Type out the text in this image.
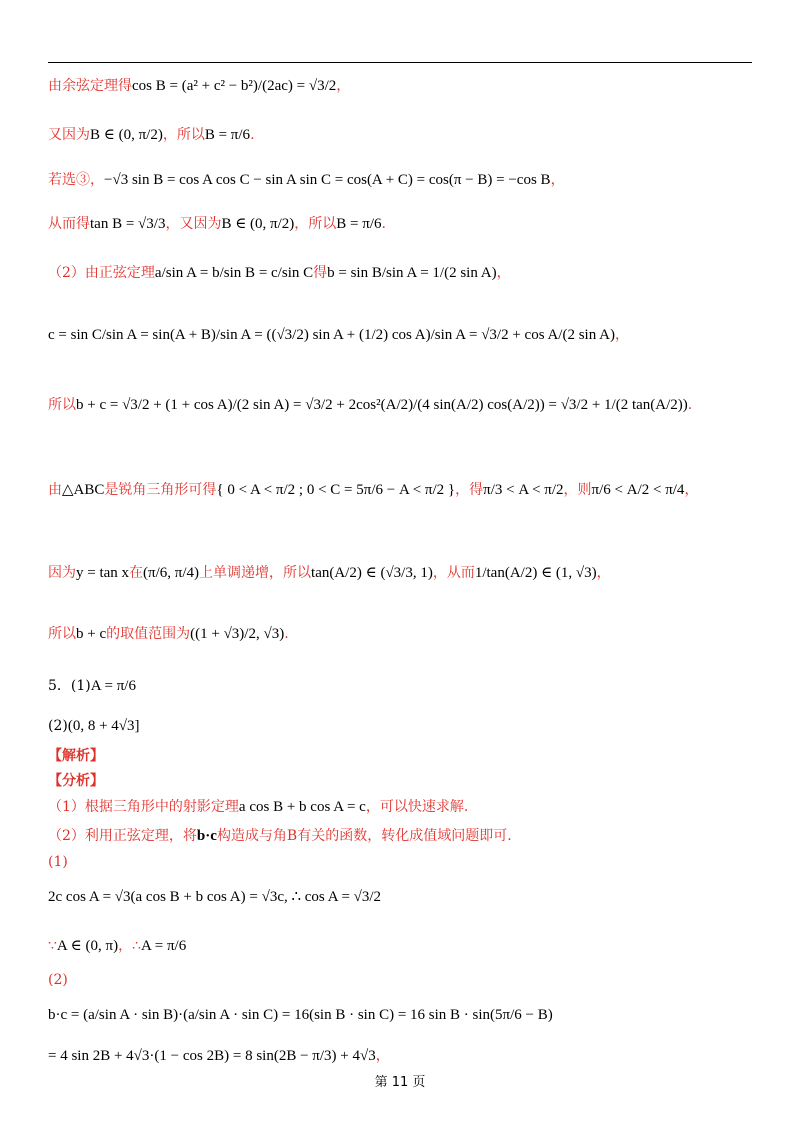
由余弦定理得 cos B = (a² + c² − b²)/(2ac) = √3/2 ，
又因为 B ∈ (0, π/2) ，所以 B = π/6 .
若选③， −√3 sin B = cos A cos C − sin A sin C = cos(A + C) = cos(π − B) = −cos B ，
从而得 tan B = √3/3 ，又因为 B ∈ (0, π/2) ，所以 B = π/6 .
（2）由正弦定理 a/sin A = b/sin B = c/sin C 得 b = sin B/sin A = 1/(2 sin A) ，
c = sin C/sin A = sin(A + B)/sin A = ((√3/2) sin A + (1/2) cos A)/sin A = √3/2 + cos A/(2 sin A) ，
所以 b + c = √3/2 + (1 + cos A)/(2 sin A) = √3/2 + 2cos²(A/2)/(4 sin(A/2) cos(A/2)) = √3/2 + 1/(2 tan(A/2)) .
由 △ABC 是锐角三角形可得 { 0 < A < π/2 ; 0 < C = 5π/6 − A < π/2 } ，得 π/3 < A < π/2 ，则 π/6 < A/2 < π/4 ，
因为 y = tan x 在 (π/6, π/4) 上单调递增，所以 tan(A/2) ∈ (√3/3, 1) ，从而 1/tan(A/2) ∈ (1, √3) ，
所以 b + c 的取值范围为 ((1 + √3)/2, √3) .
5．(1) A = π/6
(2) (0, 8 + 4√3]
【解析】
【分析】
（1）根据三角形中的射影定理 a cos B + b cos A = c ，可以快速求解.
（2）利用正弦定理，将 b·c 构造成与角B有关的函数，转化成值域问题即可.
(1)
2c cos A = √3(a cos B + b cos A) = √3c, ∴ cos A = √3/2
∵ A ∈ (0, π) ， ∴ A = π/6
(2)
b·c = (a/sin A · sin B)·(a/sin A · sin C) = 16(sin B · sin C) = 16 sin B · sin(5π/6 − B)
= 4 sin 2B + 4√3·(1 − cos 2B) = 8 sin(2B − π/3) + 4√3 ，
第 11 页
